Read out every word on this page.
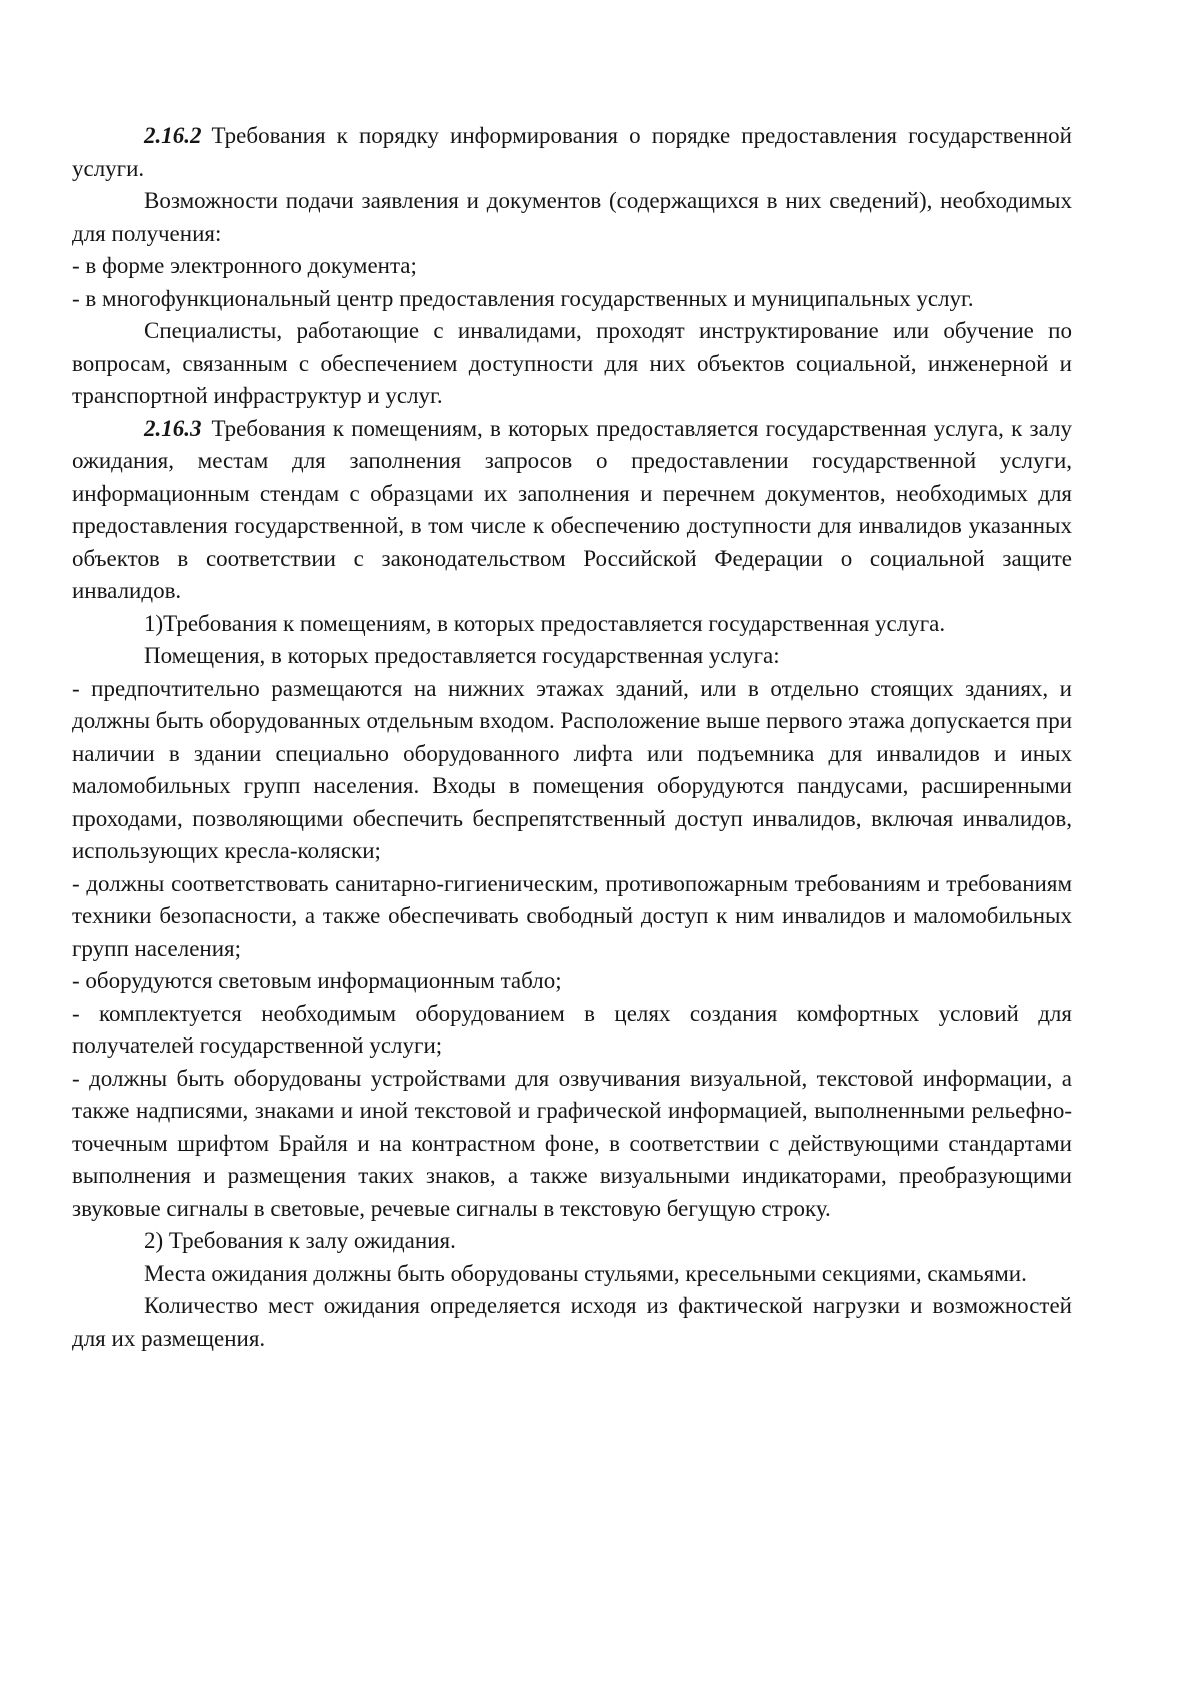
2.16.2 Требования к порядку информирования о порядке предоставления государственной услуги.

Возможности подачи заявления и документов (содержащихся в них сведений), необходимых для получения:

- в форме электронного документа;

- в многофункциональный центр предоставления государственных и муниципальных услуг.

Специалисты, работающие с инвалидами, проходят инструктирование или обучение по вопросам, связанным с обеспечением доступности для них объектов социальной, инженерной и транспортной инфраструктур и услуг.

2.16.3 Требования к помещениям, в которых предоставляется государственная услуга, к залу ожидания, местам для заполнения запросов о предоставлении государственной услуги, информационным стендам с образцами их заполнения и перечнем документов, необходимых для предоставления государственной, в том числе к обеспечению доступности для инвалидов указанных объектов в соответствии с законодательством Российской Федерации о социальной защите инвалидов.

1)Требования к помещениям, в которых предоставляется государственная услуга.

Помещения, в которых предоставляется государственная услуга:

- предпочтительно размещаются на нижних этажах зданий, или в отдельно стоящих зданиях, и должны быть оборудованных отдельным входом. Расположение выше первого этажа допускается при наличии в здании специально оборудованного лифта или подъемника для инвалидов и иных маломобильных групп населения. Входы в помещения оборудуются пандусами, расширенными проходами, позволяющими обеспечить беспрепятственный доступ инвалидов, включая инвалидов, использующих кресла-коляски;

- должны соответствовать санитарно-гигиеническим, противопожарным требованиям и требованиям техники безопасности, а также обеспечивать свободный доступ к ним инвалидов и маломобильных групп населения;

- оборудуются световым информационным табло;

- комплектуется необходимым оборудованием в целях создания комфортных условий для получателей государственной услуги;

- должны быть оборудованы устройствами для озвучивания визуальной, текстовой информации, а также надписями, знаками и иной текстовой и графической информацией, выполненными рельефно-точечным шрифтом Брайля и на контрастном фоне, в соответствии с действующими стандартами выполнения и размещения таких знаков, а также визуальными индикаторами, преобразующими звуковые сигналы в световые, речевые сигналы в текстовую бегущую строку.

2) Требования к залу ожидания.

Места ожидания должны быть оборудованы стульями, кресельными секциями, скамьями.

Количество мест ожидания определяется исходя из фактической нагрузки и возможностей для их размещения.
